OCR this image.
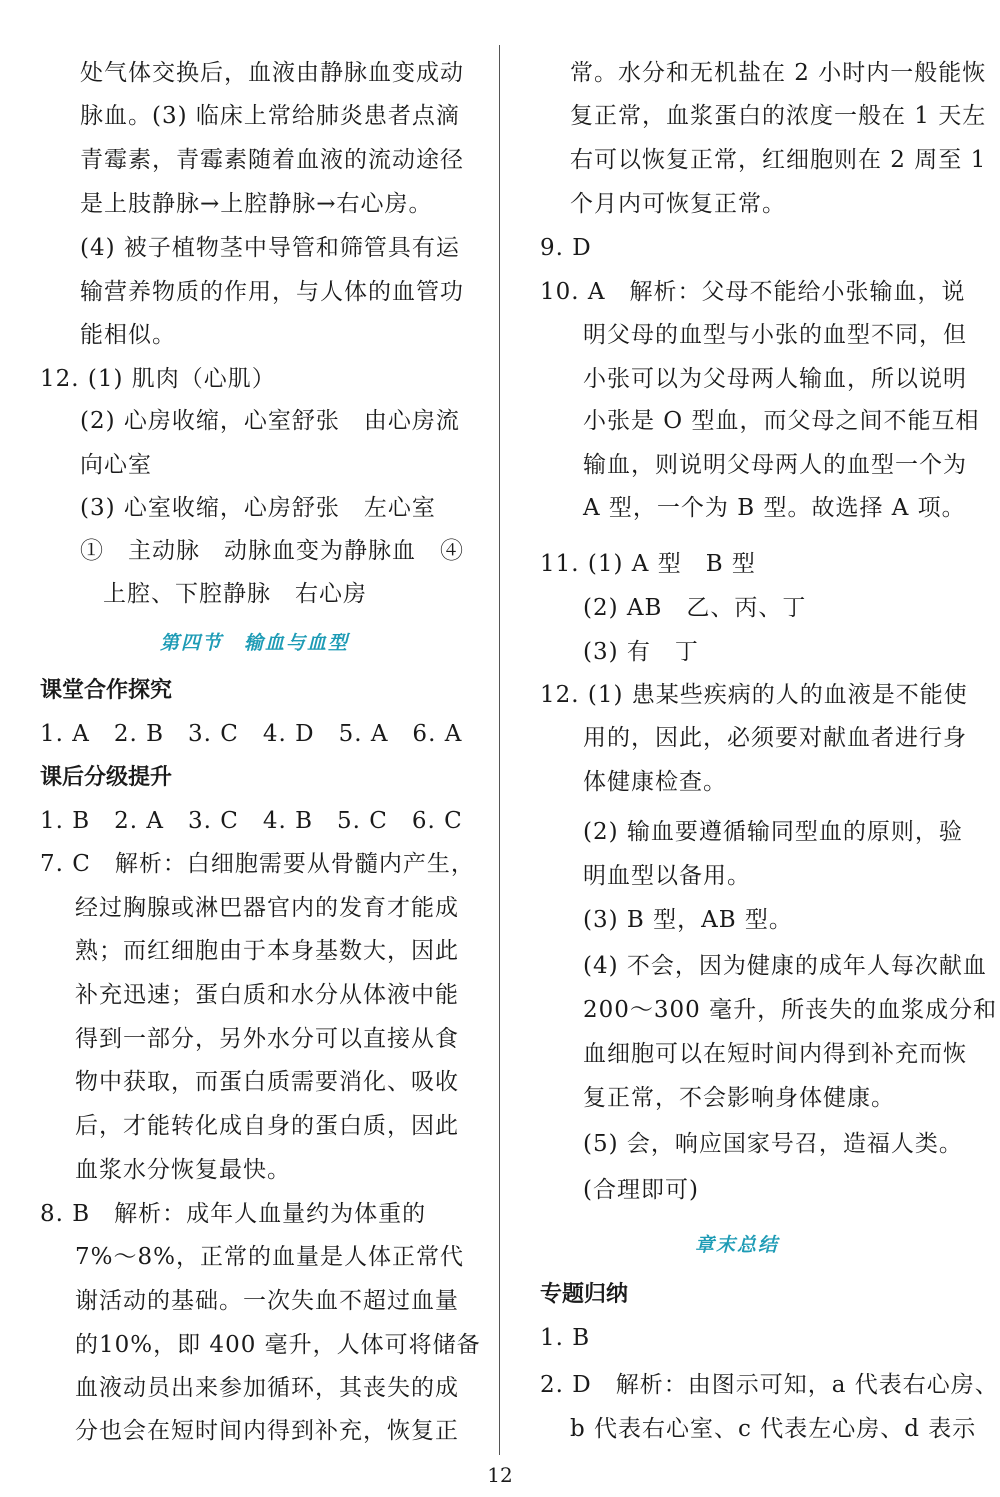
处气体交换后，血液由静脉血变成动
脉血。(3) 临床上常给肺炎患者点滴
青霉素，青霉素随着血液的流动途径
是上肢静脉→上腔静脉→右心房。
(4) 被子植物茎中导管和筛管具有运
输营养物质的作用，与人体的血管功
能相似。
12. (1) 肌肉（心肌）
(2) 心房收缩，心室舒张　由心房流
向心室
(3) 心室收缩，心房舒张　左心室
①　主动脉　动脉血变为静脉血　④
上腔、下腔静脉　右心房
第四节　输血与血型
课堂合作探究
1. A　2. B　3. C　4. D　5. A　6. A
课后分级提升
1. B　2. A　3. C　4. B　5. C　6. C
7. C　解析：白细胞需要从骨髓内产生，
经过胸腺或淋巴器官内的发育才能成
熟；而红细胞由于本身基数大，因此
补充迅速；蛋白质和水分从体液中能
得到一部分，另外水分可以直接从食
物中获取，而蛋白质需要消化、吸收
后，才能转化成自身的蛋白质，因此
血浆水分恢复最快。
8. B　解析：成年人血量约为体重的
7%～8%，正常的血量是人体正常代
谢活动的基础。一次失血不超过血量
的10%，即 400 毫升，人体可将储备
血液动员出来参加循环，其丧失的成
分也会在短时间内得到补充，恢复正
常。水分和无机盐在 2 小时内一般能恢
复正常，血浆蛋白的浓度一般在 1 天左
右可以恢复正常，红细胞则在 2 周至 1
个月内可恢复正常。
9. D
10. A　解析：父母不能给小张输血，说
明父母的血型与小张的血型不同，但
小张可以为父母两人输血，所以说明
小张是 O 型血，而父母之间不能互相
输血，则说明父母两人的血型一个为
A 型，一个为 B 型。故选择 A 项。
11. (1) A 型　B 型
(2) AB　乙、丙、丁
(3) 有　丁
12. (1) 患某些疾病的人的血液是不能使
用的，因此，必须要对献血者进行身
体健康检查。
(2) 输血要遵循输同型血的原则，验
明血型以备用。
(3) B 型，AB 型。
(4) 不会，因为健康的成年人每次献血
200～300 毫升，所丧失的血浆成分和
血细胞可以在短时间内得到补充而恢
复正常，不会影响身体健康。
(5) 会，响应国家号召，造福人类。
(合理即可)
章末总结
专题归纳
1. B
2. D　解析：由图示可知，a 代表右心房、
b 代表右心室、c 代表左心房、d 表示
12
